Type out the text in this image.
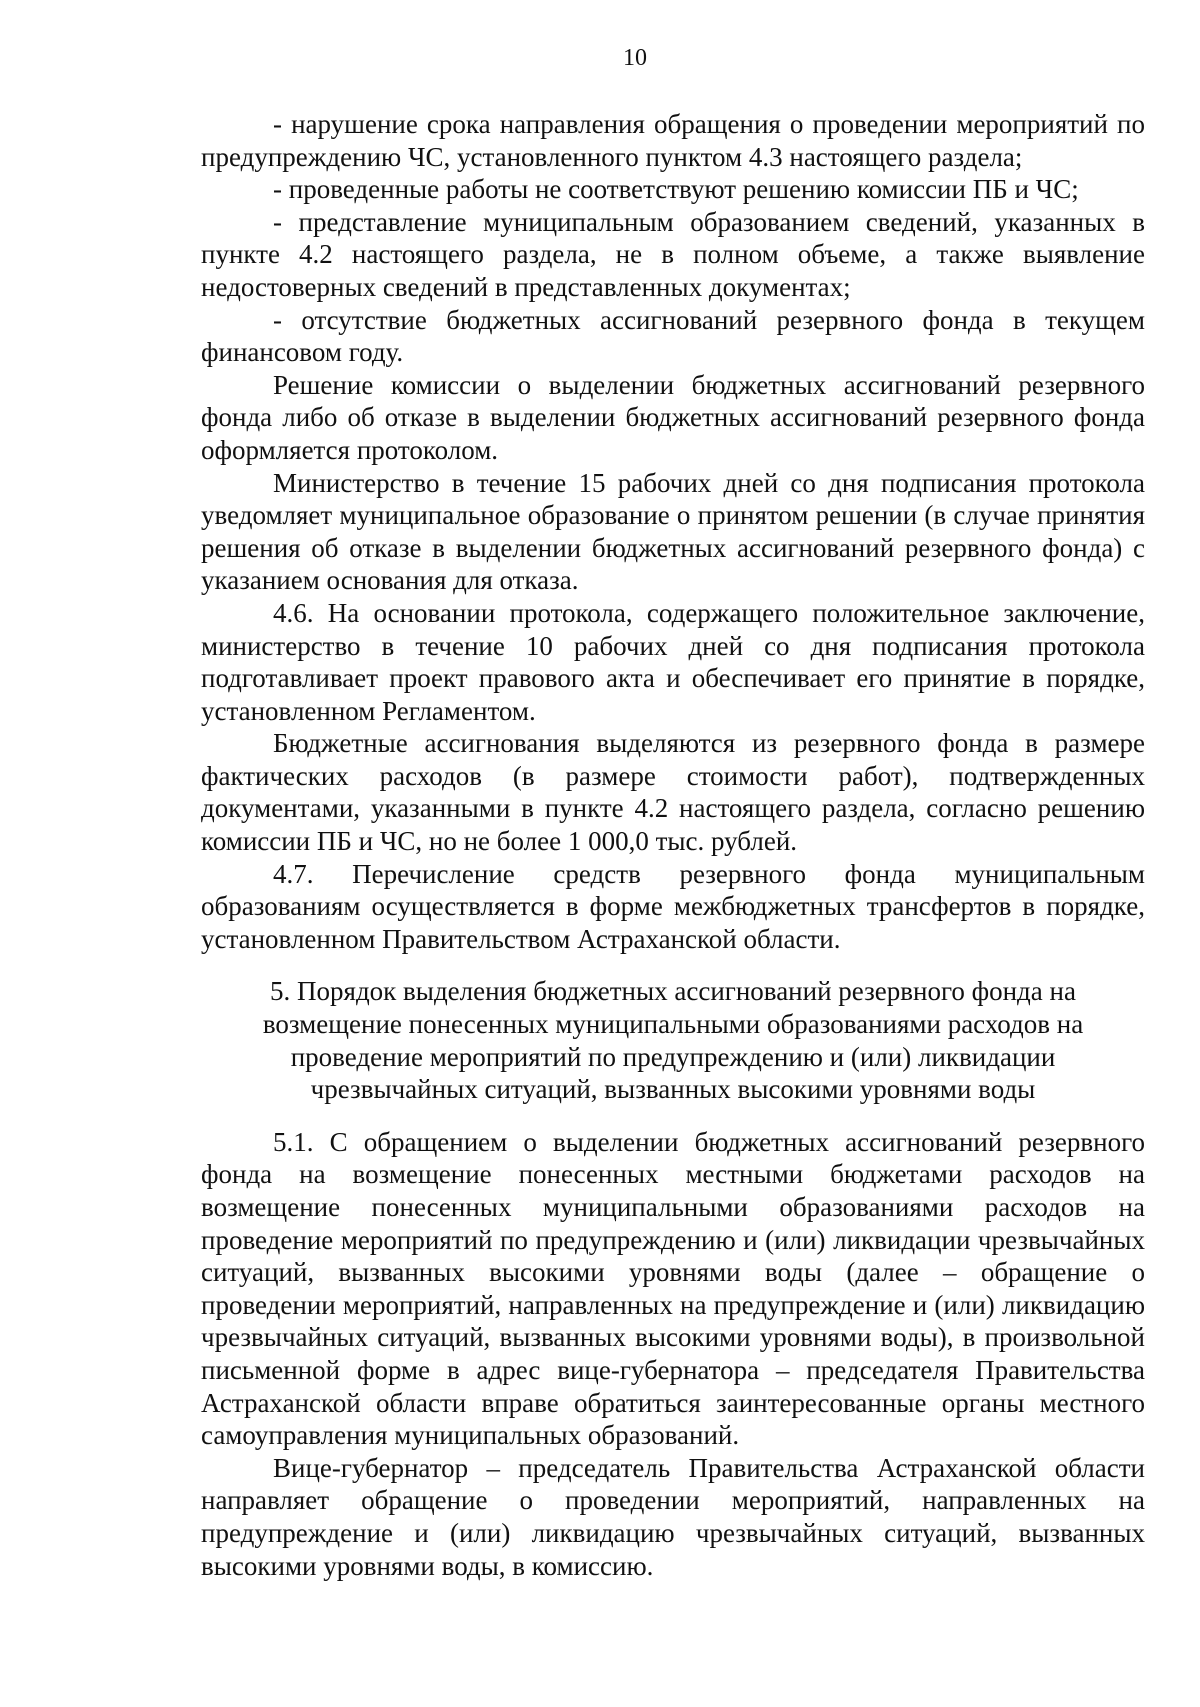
10

- нарушение срока направления обращения о проведении мероприятий по предупреждению ЧС, установленного пунктом 4.3 настоящего раздела;

- проведенные работы не соответствуют решению комиссии ПБ и ЧС;

- представление муниципальным образованием сведений, указанных в пункте 4.2 настоящего раздела, не в полном объеме, а также выявление недостоверных сведений в представленных документах;

- отсутствие бюджетных ассигнований резервного фонда в текущем финансовом году.

Решение комиссии о выделении бюджетных ассигнований резервного фонда либо об отказе в выделении бюджетных ассигнований резервного фонда оформляется протоколом.

Министерство в течение 15 рабочих дней со дня подписания протокола уведомляет муниципальное образование о принятом решении (в случае принятия решения об отказе в выделении бюджетных ассигнований резервного фонда) с указанием основания для отказа.

4.6. На основании протокола, содержащего положительное заключение, министерство в течение 10 рабочих дней со дня подписания протокола подготавливает проект правового акта и обеспечивает его принятие в порядке, установленном Регламентом.

Бюджетные ассигнования выделяются из резервного фонда в размере фактических расходов (в размере стоимости работ), подтвержденных документами, указанными в пункте 4.2 настоящего раздела, согласно решению комиссии ПБ и ЧС, но не более 1 000,0 тыс. рублей.

4.7. Перечисление средств резервного фонда муниципальным образованиям осуществляется в форме межбюджетных трансфертов в порядке, установленном Правительством Астраханской области.

5. Порядок выделения бюджетных ассигнований резервного фонда на возмещение понесенных муниципальными образованиями расходов на проведение мероприятий по предупреждению и (или) ликвидации чрезвычайных ситуаций, вызванных высокими уровнями воды

5.1. С обращением о выделении бюджетных ассигнований резервного фонда на возмещение понесенных местными бюджетами расходов на возмещение понесенных муниципальными образованиями расходов на проведение мероприятий по предупреждению и (или) ликвидации чрезвычайных ситуаций, вызванных высокими уровнями воды (далее – обращение о проведении мероприятий, направленных на предупреждение и (или) ликвидацию чрезвычайных ситуаций, вызванных высокими уровнями воды), в произвольной письменной форме в адрес вице-губернатора – председателя Правительства Астраханской области вправе обратиться заинтересованные органы местного самоуправления муниципальных образований.

Вице-губернатор – председатель Правительства Астраханской области направляет обращение о проведении мероприятий, направленных на предупреждение и (или) ликвидацию чрезвычайных ситуаций, вызванных высокими уровнями воды, в комиссию.
